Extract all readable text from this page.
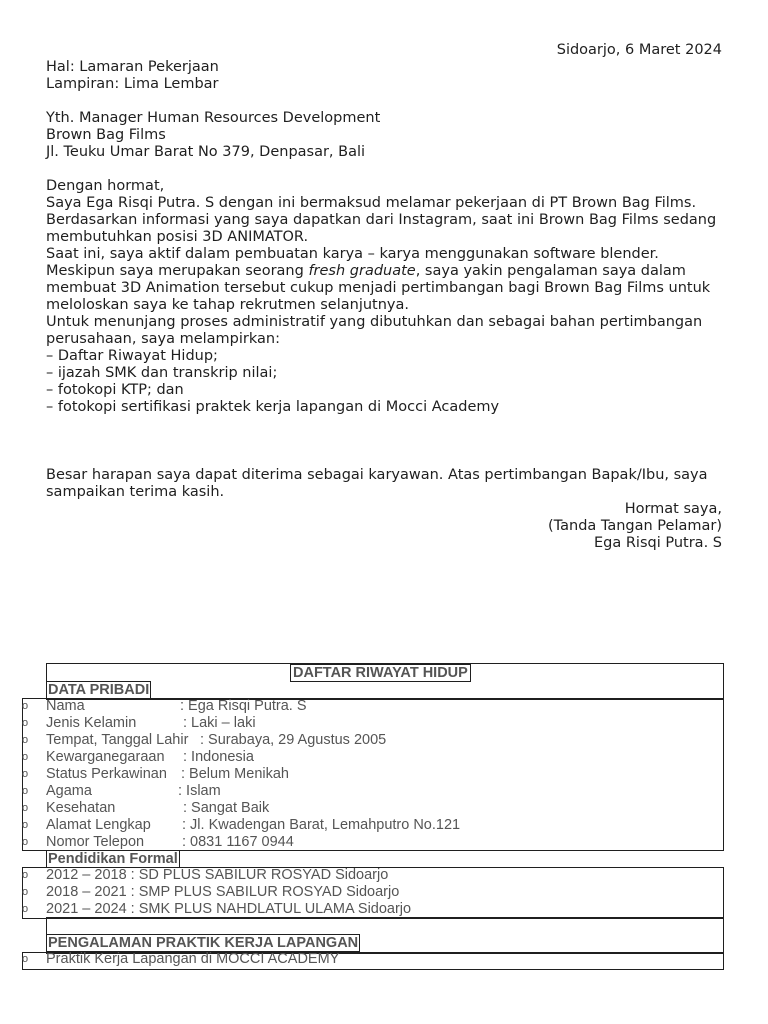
Sidoarjo, 6 Maret 2024
Hal: Lamaran Pekerjaan
Lampiran: Lima Lembar
Yth. Manager Human Resources Development
Brown Bag Films
Jl. Teuku Umar Barat No 379, Denpasar, Bali
Dengan hormat,
Saya Ega Risqi Putra. S dengan ini bermaksud melamar pekerjaan di PT Brown Bag Films. Berdasarkan informasi yang saya dapatkan dari Instagram, saat ini Brown Bag Films sedang membutuhkan posisi 3D ANIMATOR.
Saat ini, saya aktif dalam pembuatan karya – karya menggunakan software blender.
Meskipun saya merupakan seorang fresh graduate, saya yakin pengalaman saya dalam membuat 3D Animation tersebut cukup menjadi pertimbangan bagi Brown Bag Films untuk meloloskan saya ke tahap rekrutmen selanjutnya.
Untuk menunjang proses administratif yang dibutuhkan dan sebagai bahan pertimbangan perusahaan, saya melampirkan:
– Daftar Riwayat Hidup;
– ijazah SMK dan transkrip nilai;
– fotokopi KTP; dan
– fotokopi sertifikasi praktek kerja lapangan di Mocci Academy
Besar harapan saya dapat diterima sebagai karyawan. Atas pertimbangan Bapak/Ibu, saya sampaikan terima kasih.
Hormat saya,
(Tanda Tangan Pelamar)
Ega Risqi Putra. S
DAFTAR RIWAYAT HIDUP
DATA PRIBADI
o Nama	: Ega Risqi Putra. S
o Jenis Kelamin	: Laki – laki
o Tempat, Tanggal Lahir : Surabaya, 29 Agustus 2005
o Kewarganegaraan : Indonesia
o Status Perkawinan : Belum Menikah
o Agama	: Islam
o Kesehatan	: Sangat Baik
o Alamat Lengkap : Jl. Kwadengan Barat, Lemahputro No.121
o Nomor Telepon	: 0831 1167 0944
Pendidikan Formal
o 2012 – 2018 : SD PLUS SABILUR ROSYAD Sidoarjo
o 2018 – 2021 : SMP PLUS SABILUR ROSYAD Sidoarjo
o 2021 – 2024 : SMK PLUS NAHDLATUL ULAMA Sidoarjo
PENGALAMAN PRAKTIK KERJA LAPANGAN
o Praktik Kerja Lapangan di MOCCI ACADEMY
